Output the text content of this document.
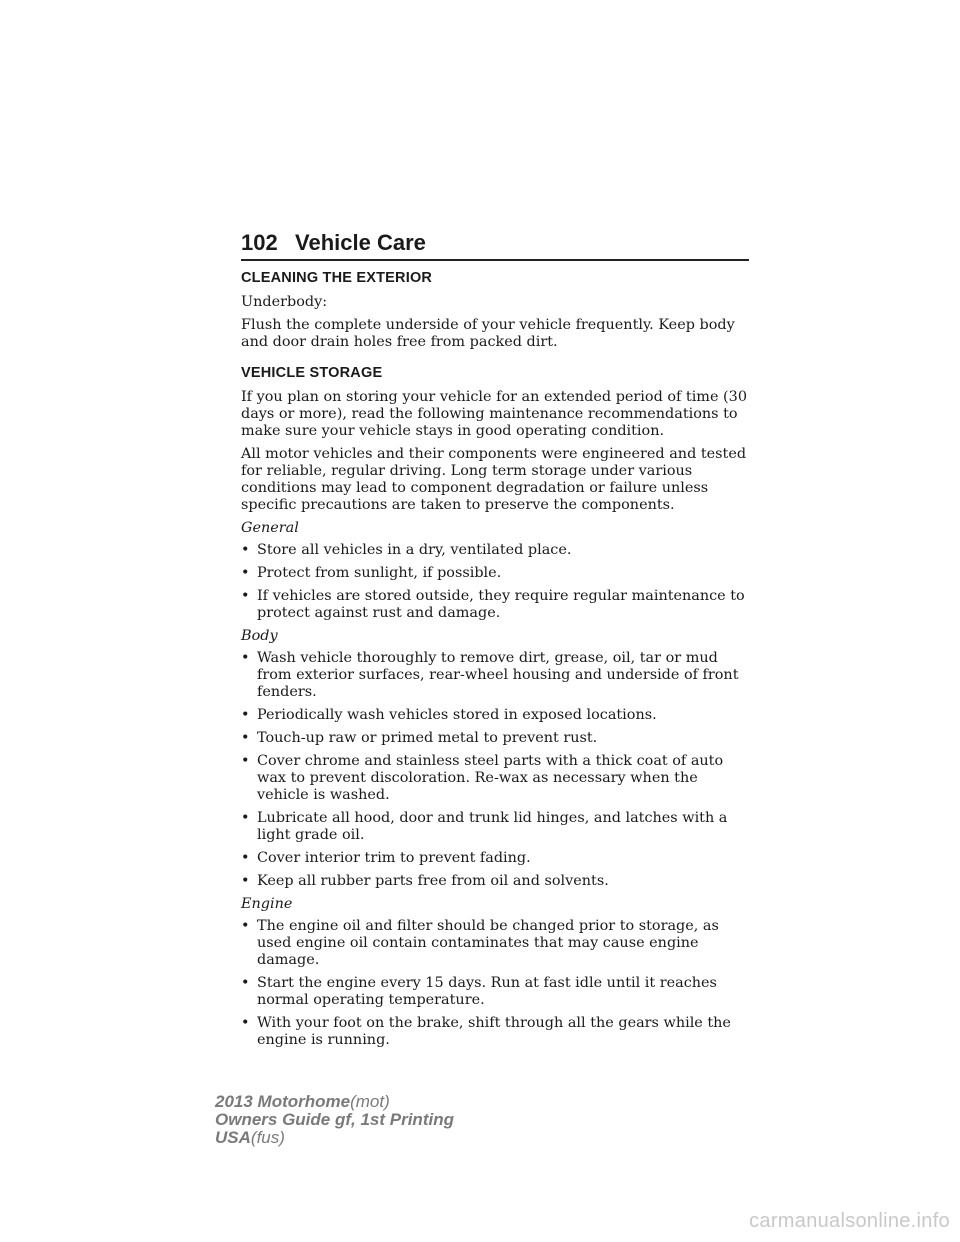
102 Vehicle Care
CLEANING THE EXTERIOR

Underbody:

Flush the complete underside of your vehicle frequently. Keep body and door drain holes free from packed dirt.

VEHICLE STORAGE

If you plan on storing your vehicle for an extended period of time (30 days or more), read the following maintenance recommendations to make sure your vehicle stays in good operating condition.

All motor vehicles and their components were engineered and tested for reliable, regular driving. Long term storage under various conditions may lead to component degradation or failure unless specific precautions are taken to preserve the components.

General

• Store all vehicles in a dry, ventilated place.
• Protect from sunlight, if possible.
• If vehicles are stored outside, they require regular maintenance to protect against rust and damage.

Body

• Wash vehicle thoroughly to remove dirt, grease, oil, tar or mud from exterior surfaces, rear-wheel housing and underside of front fenders.
• Periodically wash vehicles stored in exposed locations.
• Touch-up raw or primed metal to prevent rust.
• Cover chrome and stainless steel parts with a thick coat of auto wax to prevent discoloration. Re-wax as necessary when the vehicle is washed.
• Lubricate all hood, door and trunk lid hinges, and latches with a light grade oil.
• Cover interior trim to prevent fading.
• Keep all rubber parts free from oil and solvents.

Engine

• The engine oil and filter should be changed prior to storage, as used engine oil contain contaminates that may cause engine damage.
• Start the engine every 15 days. Run at fast idle until it reaches normal operating temperature.
• With your foot on the brake, shift through all the gears while the engine is running.
2013 Motorhome(mot)
Owners Guide gf, 1st Printing
USA(fus)
carmanualsonline.info
